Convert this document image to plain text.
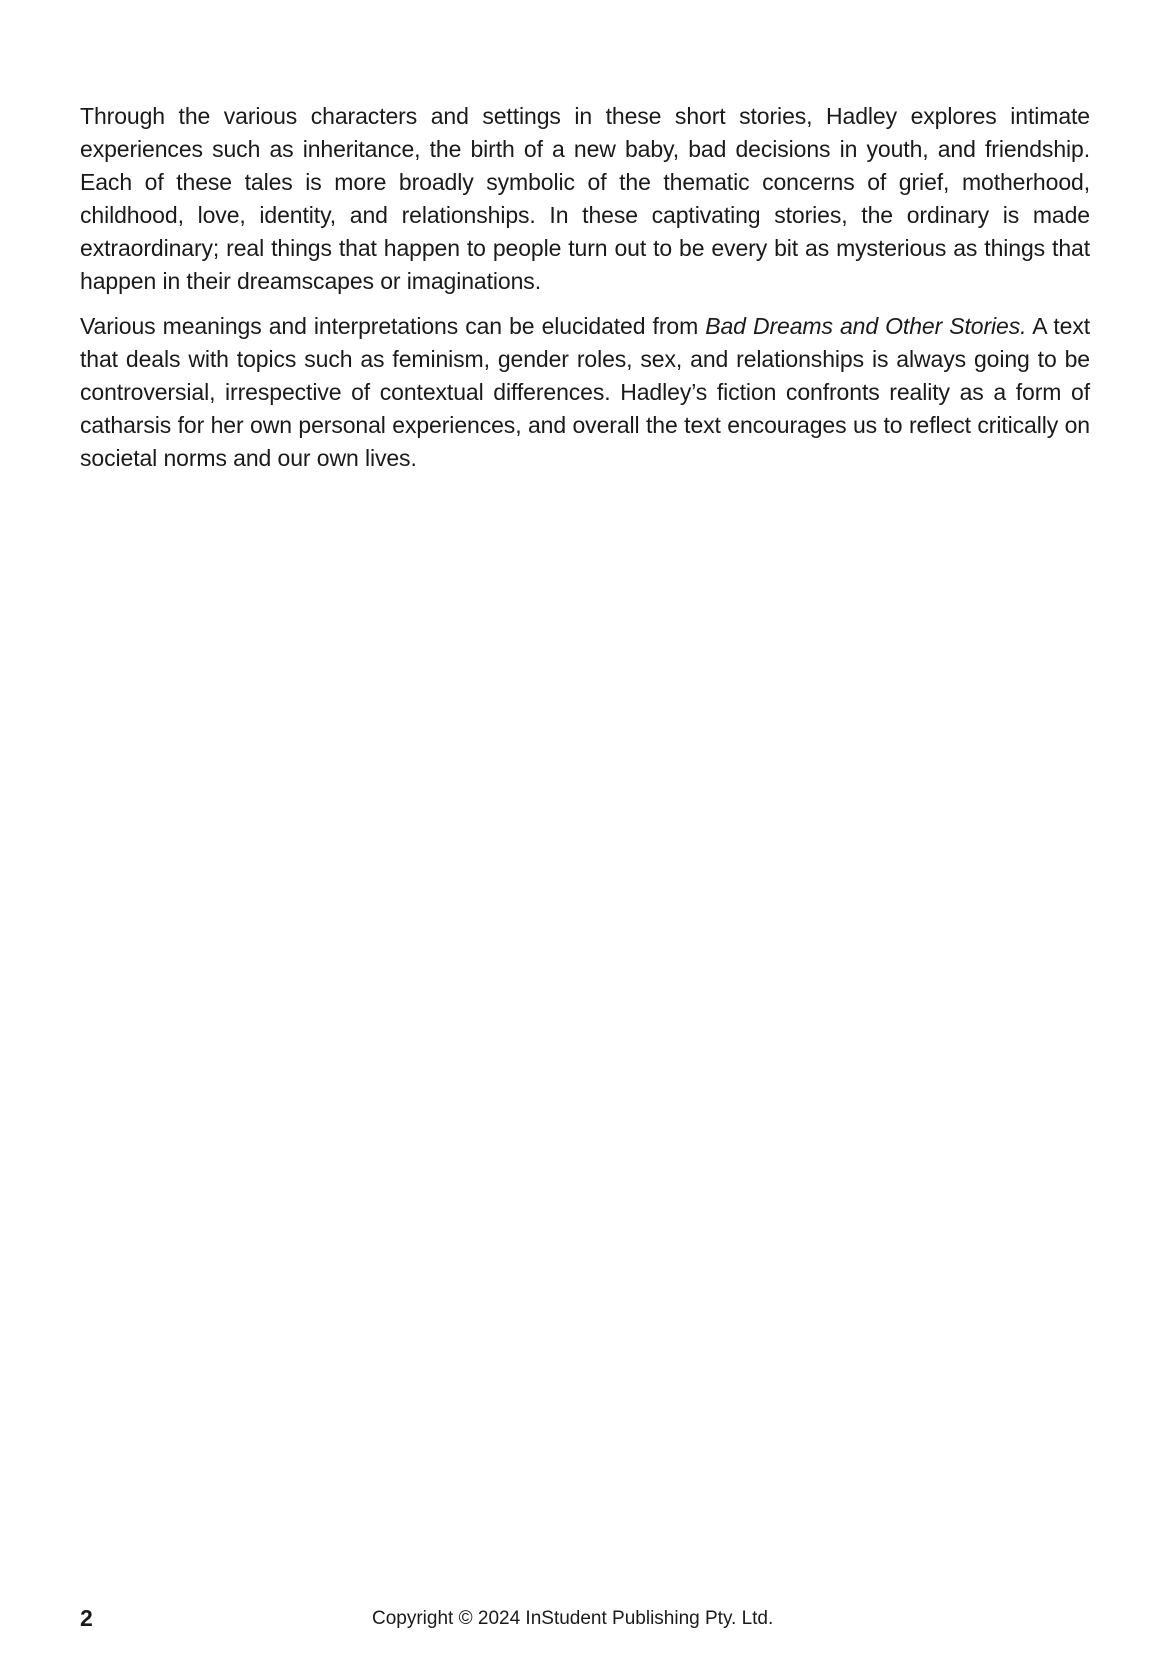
Through the various characters and settings in these short stories, Hadley explores intimate experiences such as inheritance, the birth of a new baby, bad decisions in youth, and friendship. Each of these tales is more broadly symbolic of the thematic concerns of grief, motherhood, childhood, love, identity, and relationships. In these captivating stories, the ordinary is made extraordinary; real things that happen to people turn out to be every bit as mysterious as things that happen in their dreamscapes or imaginations.

Various meanings and interpretations can be elucidated from Bad Dreams and Other Stories. A text that deals with topics such as feminism, gender roles, sex, and relationships is always going to be controversial, irrespective of contextual differences. Hadley’s fiction confronts reality as a form of catharsis for her own personal experiences, and overall the text encourages us to reflect critically on societal norms and our own lives.

2	Copyright © 2024 InStudent Publishing Pty. Ltd.
